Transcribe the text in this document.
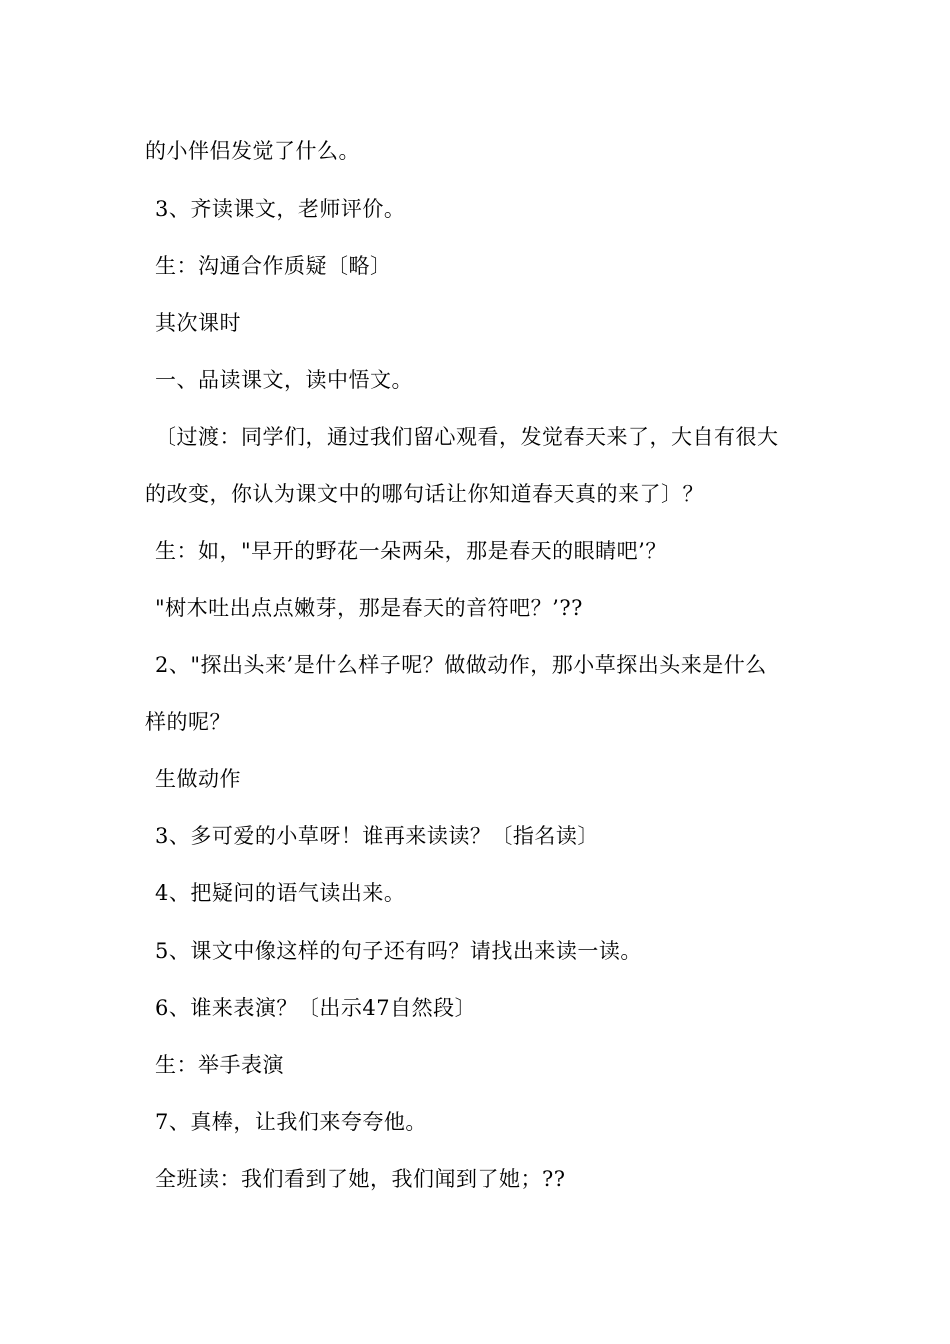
的小伴侣发觉了什么。
3、齐读课文，老师评价。
生：沟通合作质疑〔略〕
其次课时
一、品读课文，读中悟文。
〔过渡：同学们，通过我们留心观看，发觉春天来了，大自有很大
的改变，你认为课文中的哪句话让你知道春天真的来了〕？
生：如，"早开的野花一朵两朵，那是春天的眼睛吧’？
"树木吐出点点嫩芽，那是春天的音符吧？’??
2、"探出头来’是什么样子呢？做做动作，那小草探出头来是什么
样的呢？
生做动作
3、多可爱的小草呀！谁再来读读？〔指名读〕
4、把疑问的语气读出来。
5、课文中像这样的句子还有吗？请找出来读一读。
6、谁来表演？〔出示47自然段〕
生：举手表演
7、真棒，让我们来夸夸他。
全班读：我们看到了她，我们闻到了她；??
